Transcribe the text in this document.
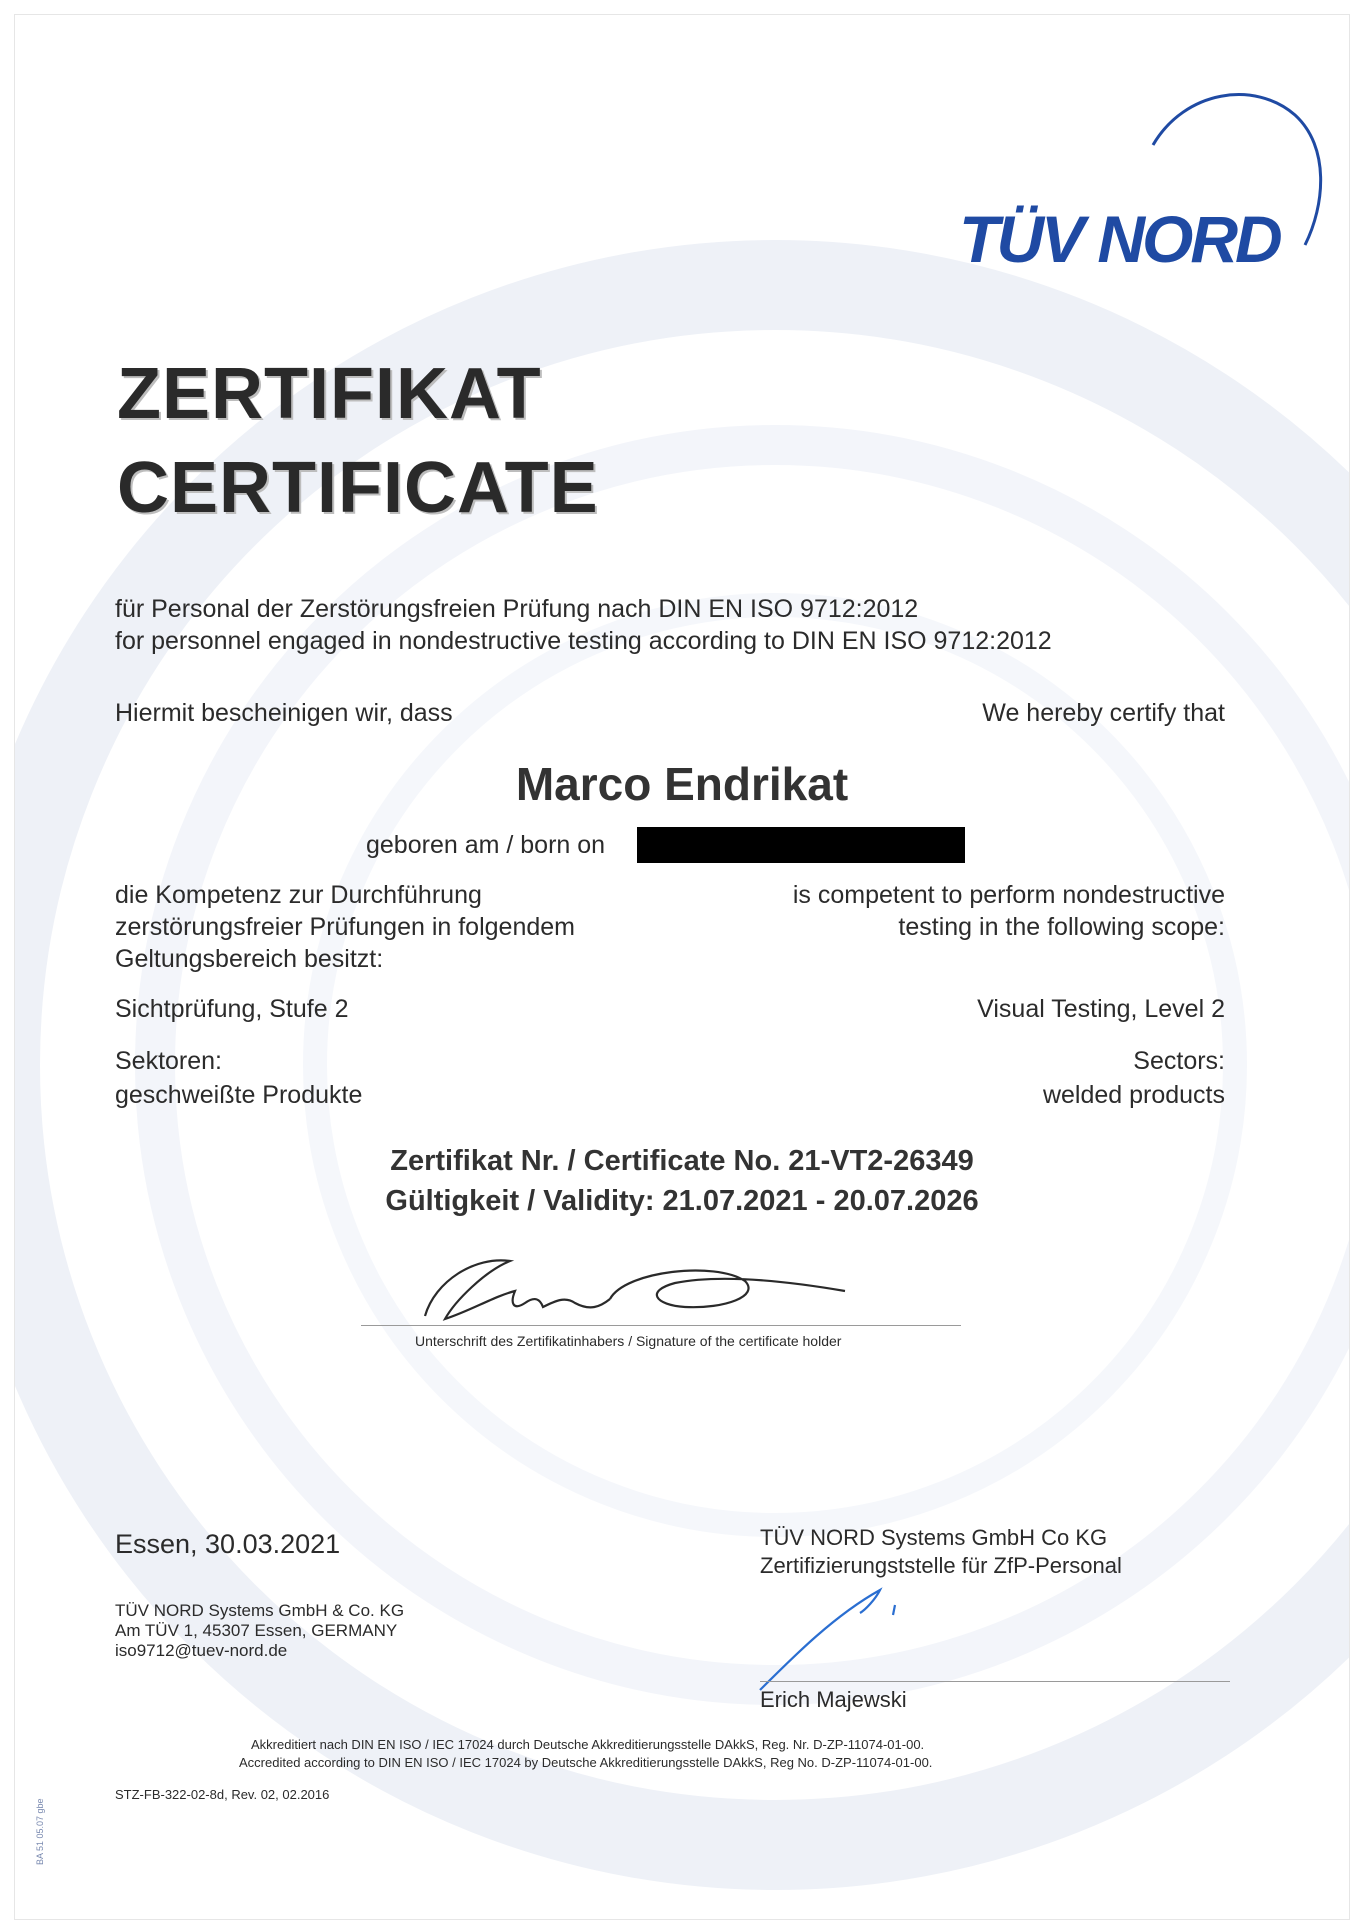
TÜV NORD
ZERTIFIKAT
CERTIFICATE
für Personal der Zerstörungsfreien Prüfung nach DIN EN ISO 9712:2012
for personnel engaged in nondestructive testing according to DIN EN ISO 9712:2012
Hiermit bescheinigen wir, dass	We hereby certify that
Marco Endrikat
geboren am / born on
die Kompetenz zur Durchführung
zerstörungsfreier Prüfungen in folgendem
Geltungsbereich besitzt:
is competent to perform nondestructive
testing in the following scope:
Sichtprüfung, Stufe 2	Visual Testing, Level 2
Sektoren:
geschweißte Produkte
Sectors:
welded products
Zertifikat Nr. / Certificate No. 21-VT2-26349
Gültigkeit / Validity: 21.07.2021 - 20.07.2026
Unterschrift des Zertifikatinhabers / Signature of the certificate holder
Essen, 30.03.2021
TÜV NORD Systems GmbH & Co. KG
Am TÜV 1, 45307 Essen, GERMANY
iso9712@tuev-nord.de
TÜV NORD Systems GmbH Co KG
Zertifizierungststelle für ZfP-Personal
Erich Majewski
Akkreditiert nach DIN EN ISO / IEC 17024 durch Deutsche Akkreditierungsstelle DAkkS, Reg. Nr. D-ZP-11074-01-00.
Accredited according to DIN EN ISO / IEC 17024 by Deutsche Akkreditierungsstelle DAkkS, Reg No. D-ZP-11074-01-00.
STZ-FB-322-02-8d, Rev. 02, 02.2016
BA 51 05.07 gbe
